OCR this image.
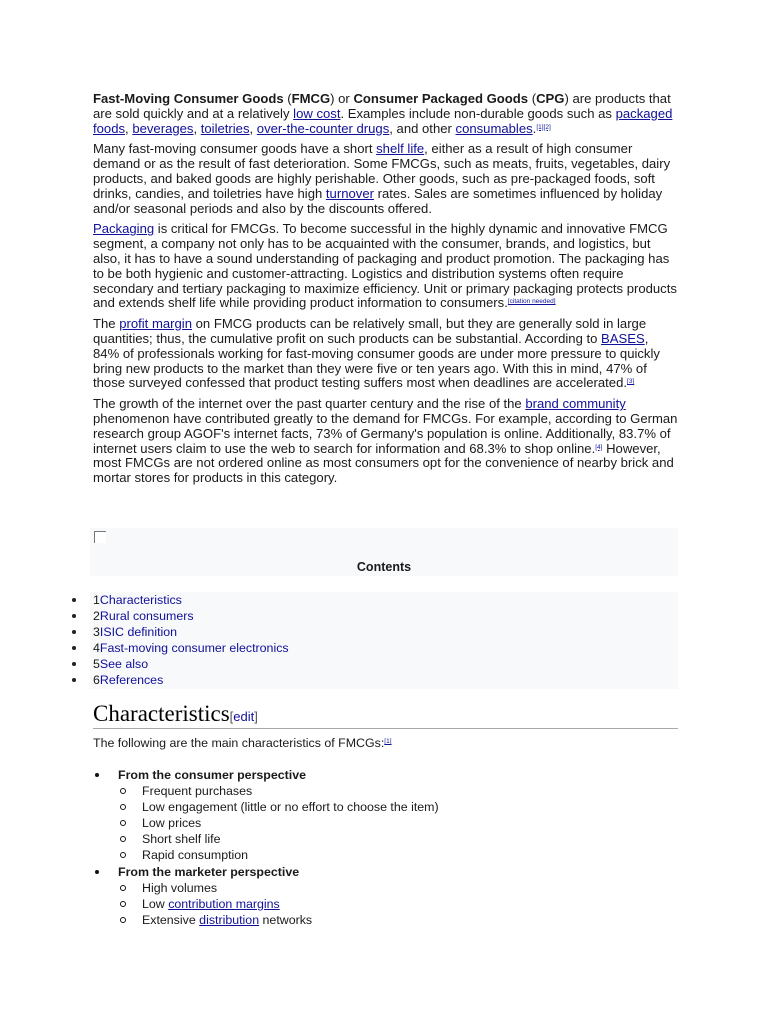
Fast-Moving Consumer Goods (FMCG) or Consumer Packaged Goods (CPG) are products that are sold quickly and at a relatively low cost. Examples include non-durable goods such as packaged foods, beverages, toiletries, over-the-counter drugs, and other consumables.[1][2]

Many fast-moving consumer goods have a short shelf life, either as a result of high consumer demand or as the result of fast deterioration. Some FMCGs, such as meats, fruits, vegetables, dairy products, and baked goods are highly perishable. Other goods, such as pre-packaged foods, soft drinks, candies, and toiletries have high turnover rates. Sales are sometimes influenced by holiday and/or seasonal periods and also by the discounts offered.

Packaging is critical for FMCGs. To become successful in the highly dynamic and innovative FMCG segment, a company not only has to be acquainted with the consumer, brands, and logistics, but also, it has to have a sound understanding of packaging and product promotion. The packaging has to be both hygienic and customer-attracting. Logistics and distribution systems often require secondary and tertiary packaging to maximize efficiency. Unit or primary packaging protects products and extends shelf life while providing product information to consumers.[citation needed]

The profit margin on FMCG products can be relatively small, but they are generally sold in large quantities; thus, the cumulative profit on such products can be substantial. According to BASES, 84% of professionals working for fast-moving consumer goods are under more pressure to quickly bring new products to the market than they were five or ten years ago. With this in mind, 47% of those surveyed confessed that product testing suffers most when deadlines are accelerated.[3]

The growth of the internet over the past quarter century and the rise of the brand community phenomenon have contributed greatly to the demand for FMCGs. For example, according to German research group AGOF's internet facts, 73% of Germany's population is online. Additionally, 83.7% of internet users claim to use the web to search for information and 68.3% to shop online.[4] However, most FMCGs are not ordered online as most consumers opt for the convenience of nearby brick and mortar stores for products in this category.

Contents
1Characteristics
2Rural consumers
3ISIC definition
4Fast-moving consumer electronics
5See also
6References
Characteristics[edit]
The following are the main characteristics of FMCGs:[1]
From the consumer perspective
Frequent purchases
Low engagement (little or no effort to choose the item)
Low prices
Short shelf life
Rapid consumption
From the marketer perspective
High volumes
Low contribution margins
Extensive distribution networks
